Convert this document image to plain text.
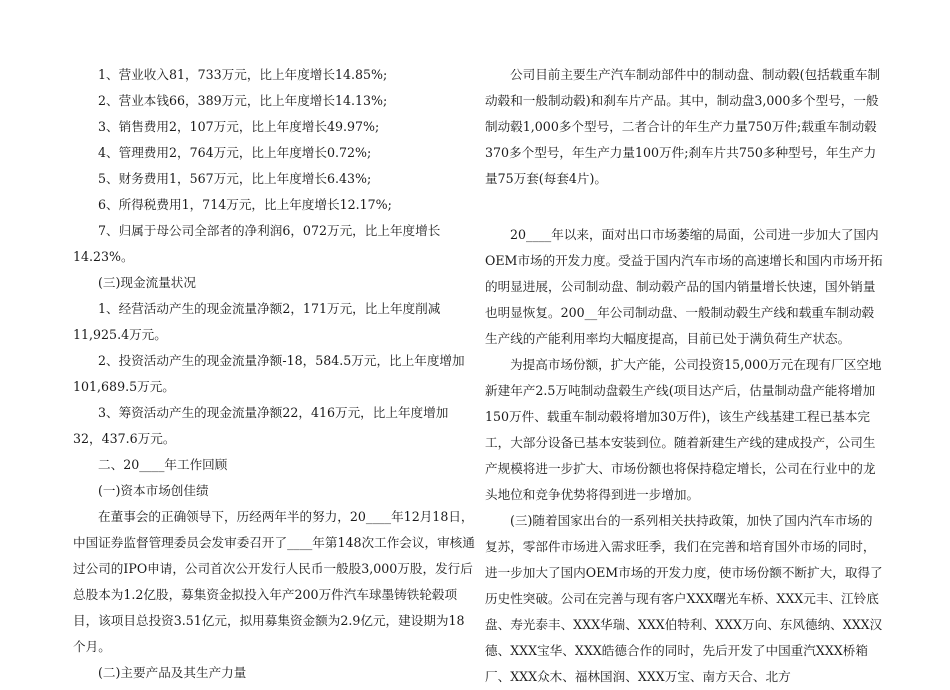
1、营业收入81，733万元，比上年度增长14.85%;

2、营业本钱66，389万元，比上年度增长14.13%;

3、销售费用2，107万元，比上年度增长49.97%;

4、管理费用2，764万元，比上年度增长0.72%;

5、财务费用1，567万元，比上年度增长6.43%;

6、所得税费用1，714万元，比上年度增长12.17%;

7、归属于母公司全部者的净利润6，072万元，比上年度增长14.23%。

(三)现金流量状况

1、经营活动产生的现金流量净额2，171万元，比上年度削减11,925.4万元。

2、投资活动产生的现金流量净额-18，584.5万元，比上年度增加101,689.5万元。

3、筹资活动产生的现金流量净额22，416万元，比上年度增加32，437.6万元。

二、20____年工作回顾

(一)资本市场创佳绩

在董事会的正确领导下，历经两年半的努力，20____年12月18日，中国证券监督管理委员会发审委召开了____年第148次工作会议，审核通过公司的IPO申请，公司首次公开发行人民币一般股3,000万股，发行后总股本为1.2亿股，募集资金拟投入年产200万件汽车球墨铸铁轮毂项目，该项目总投资3.51亿元，拟用募集资金额为2.9亿元，建设期为18个月。

(二)主要产品及其生产力量

公司目前主要生产汽车制动部件中的制动盘、制动毂(包括载重车制动毂和一般制动毂)和刹车片产品。其中，制动盘3,000多个型号，一般制动毂1,000多个型号，二者合计的年生产力量750万件;载重车制动毂370多个型号，年生产力量100万件;刹车片共750多种型号，年生产力量75万套(每套4片)。

20____年以来，面对出口市场萎缩的局面，公司进一步加大了国内OEM市场的开发力度。受益于国内汽车市场的高速增长和国内市场开拓的明显进展，公司制动盘、制动毂产品的国内销量增长快速，国外销量也明显恢复。200__年公司制动盘、一般制动毂生产线和载重车制动毂生产线的产能利用率均大幅度提高，目前已处于满负荷生产状态。

为提高市场份额，扩大产能，公司投资15,000万元在现有厂区空地新建年产2.5万吨制动盘毂生产线(项目达产后，估量制动盘产能将增加150万件、载重车制动毂将增加30万件)，该生产线基建工程已基本完工，大部分设备已基本安装到位。随着新建生产线的建成投产，公司生产规模将进一步扩大、市场份额也将保持稳定增长，公司在行业中的龙头地位和竞争优势将得到进一步增加。

(三)随着国家出台的一系列相关扶持政策，加快了国内汽车市场的复苏，零部件市场进入需求旺季，我们在完善和培育国外市场的同时，进一步加大了国内OEM市场的开发力度，使市场份额不断扩大，取得了历史性突破。公司在完善与现有客户XXX曙光车桥、XXX元丰、江铃底盘、寿光泰丰、XXX华瑞、XXX伯特利、XXX万向、东风德纳、XXX汉德、XXX宝华、XXX皓德合作的同时，先后开发了中国重汽XXX桥箱厂、XXX众木、福林国润、XXX万宝、南方天合、北方
